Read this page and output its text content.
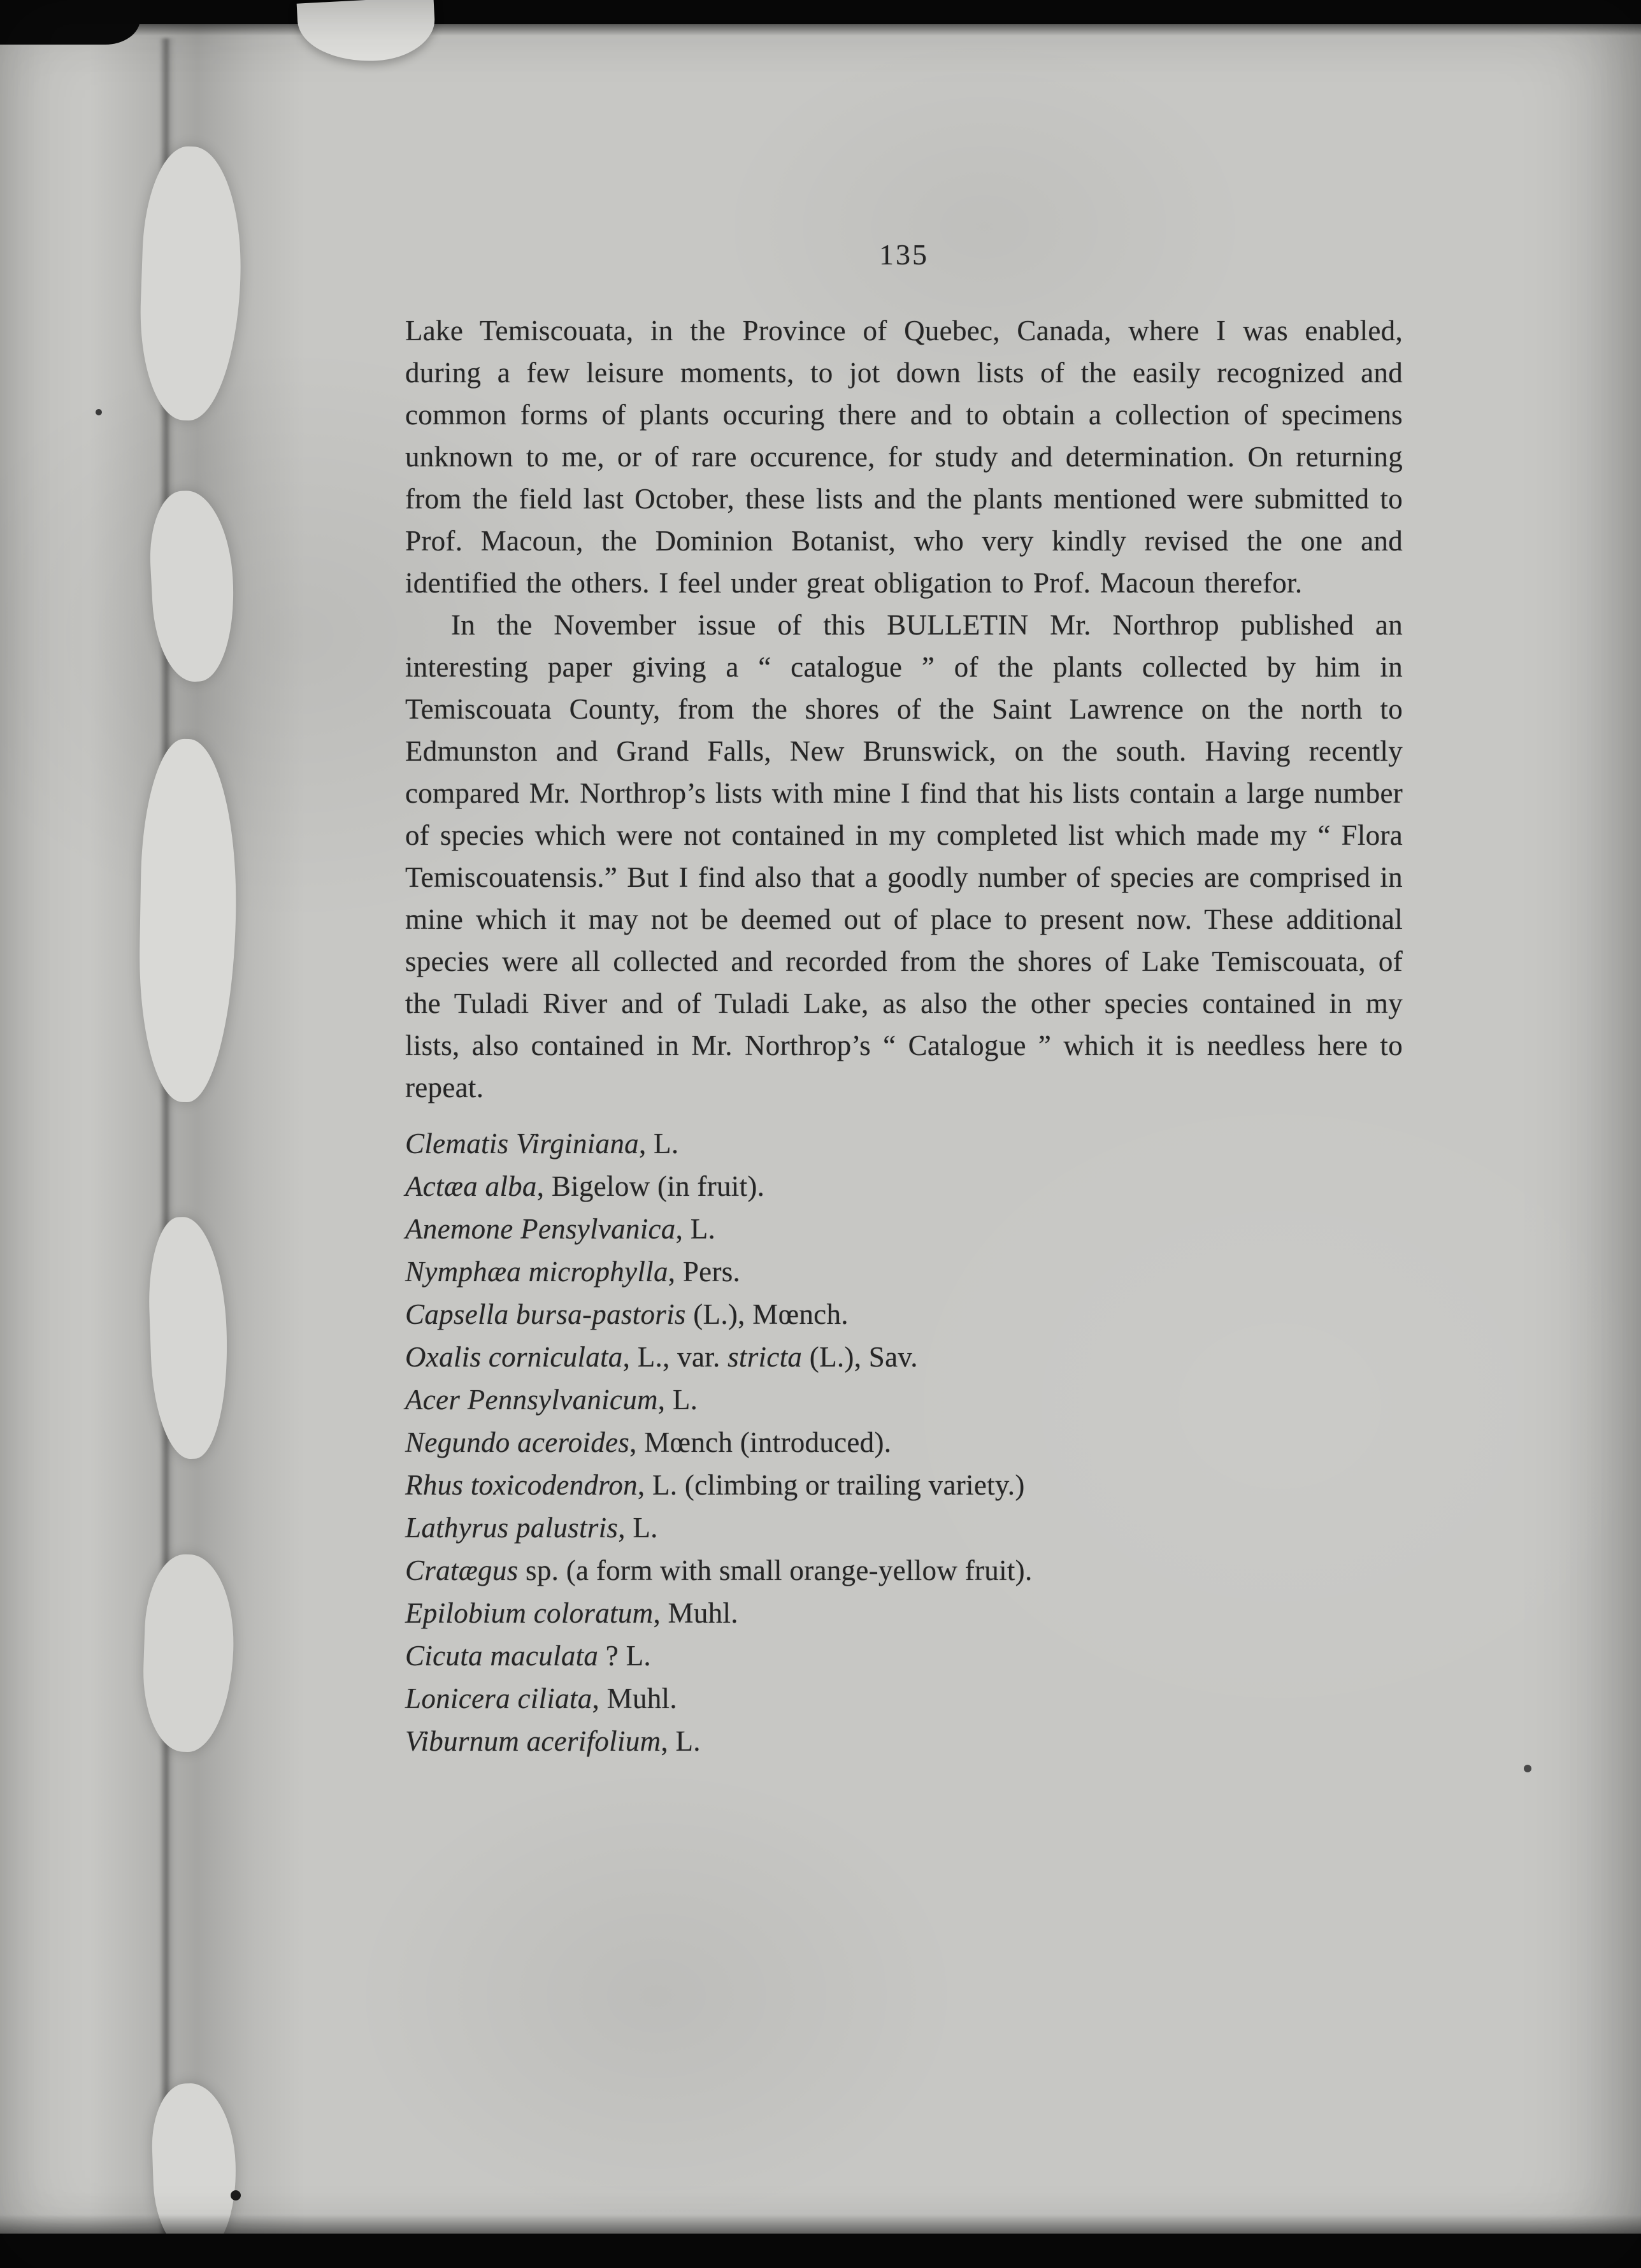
135

Lake Temiscouata, in the Province of Quebec, Canada, where I was enabled, during a few leisure moments, to jot down lists of the easily recognized and common forms of plants occuring there and to obtain a collection of specimens unknown to me, or of rare occurence, for study and determination. On returning from the field last October, these lists and the plants mentioned were submitted to Prof. Macoun, the Dominion Botanist, who very kindly revised the one and identified the others. I feel under great obligation to Prof. Macoun therefor.

In the November issue of this BULLETIN Mr. Northrop published an interesting paper giving a “ catalogue ” of the plants collected by him in Temiscouata County, from the shores of the Saint Lawrence on the north to Edmunston and Grand Falls, New Brunswick, on the south. Having recently compared Mr. Northrop’s lists with mine I find that his lists contain a large number of species which were not contained in my completed list which made my “ Flora Temiscouatensis.” But I find also that a goodly number of species are comprised in mine which it may not be deemed out of place to present now. These additional species were all collected and recorded from the shores of Lake Temiscouata, of the Tuladi River and of Tuladi Lake, as also the other species contained in my lists, also contained in Mr. Northrop’s “ Catalogue ” which it is needless here to repeat.

Clematis Virginiana, L.

Actæa alba, Bigelow (in fruit).

Anemone Pensylvanica, L.

Nymphæa microphylla, Pers.

Capsella bursa-pastoris (L.), Mœnch.

Oxalis corniculata, L., var. stricta (L.), Sav.

Acer Pennsylvanicum, L.

Negundo aceroides, Mœnch (introduced).

Rhus toxicodendron, L. (climbing or trailing variety.)

Lathyrus palustris, L.

Cratægus sp. (a form with small orange-yellow fruit).

Epilobium coloratum, Muhl.

Cicuta maculata ? L.

Lonicera ciliata, Muhl.

Viburnum acerifolium, L.
